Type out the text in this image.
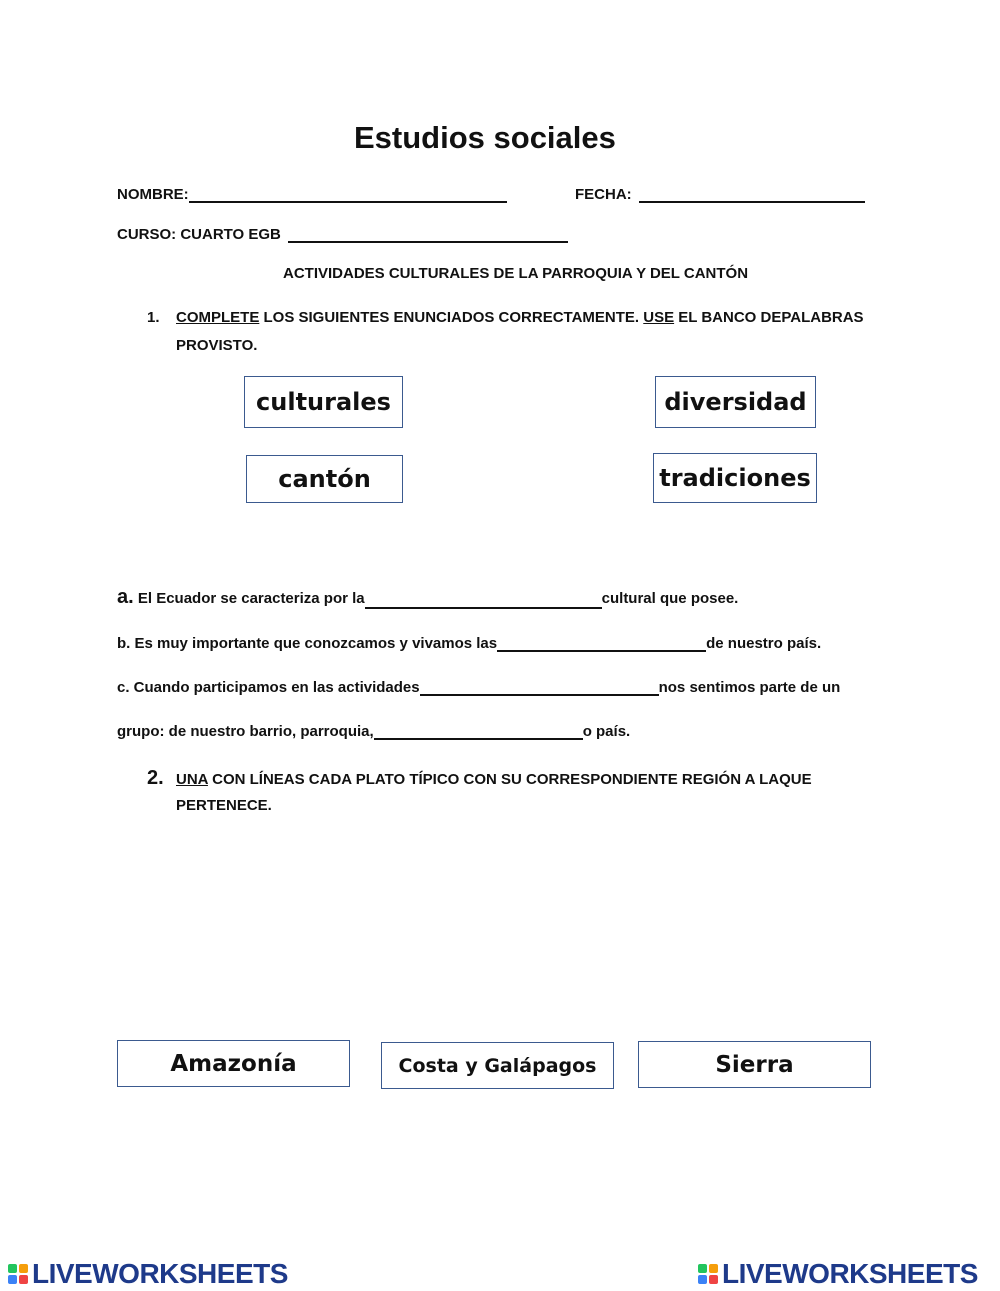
Estudios sociales
NOMBRE:	FECHA:
CURSO: CUARTO EGB
ACTIVIDADES CULTURALES DE LA PARROQUIA Y DEL CANTÓN
1. COMPLETE LOS SIGUIENTES ENUNCIADOS CORRECTAMENTE. USE EL BANCO DEPALABRAS
PROVISTO.
culturales	diversidad
cantón	tradiciones
a. El Ecuador se caracteriza por la	cultural que posee.
b. Es muy importante que conozcamos y vivamos las	de nuestro país.
c. Cuando participamos en las actividades	nos sentimos parte de un
grupo: de nuestro barrio, parroquia,	o país.
2. UNA CON LÍNEAS CADA PLATO TÍPICO CON SU CORRESPONDIENTE REGIÓN A LAQUE
PERTENECE.
Amazonía	Costa y Galápagos	Sierra
LIVEWORKSHEETS	LIVEWORKSHEETS
